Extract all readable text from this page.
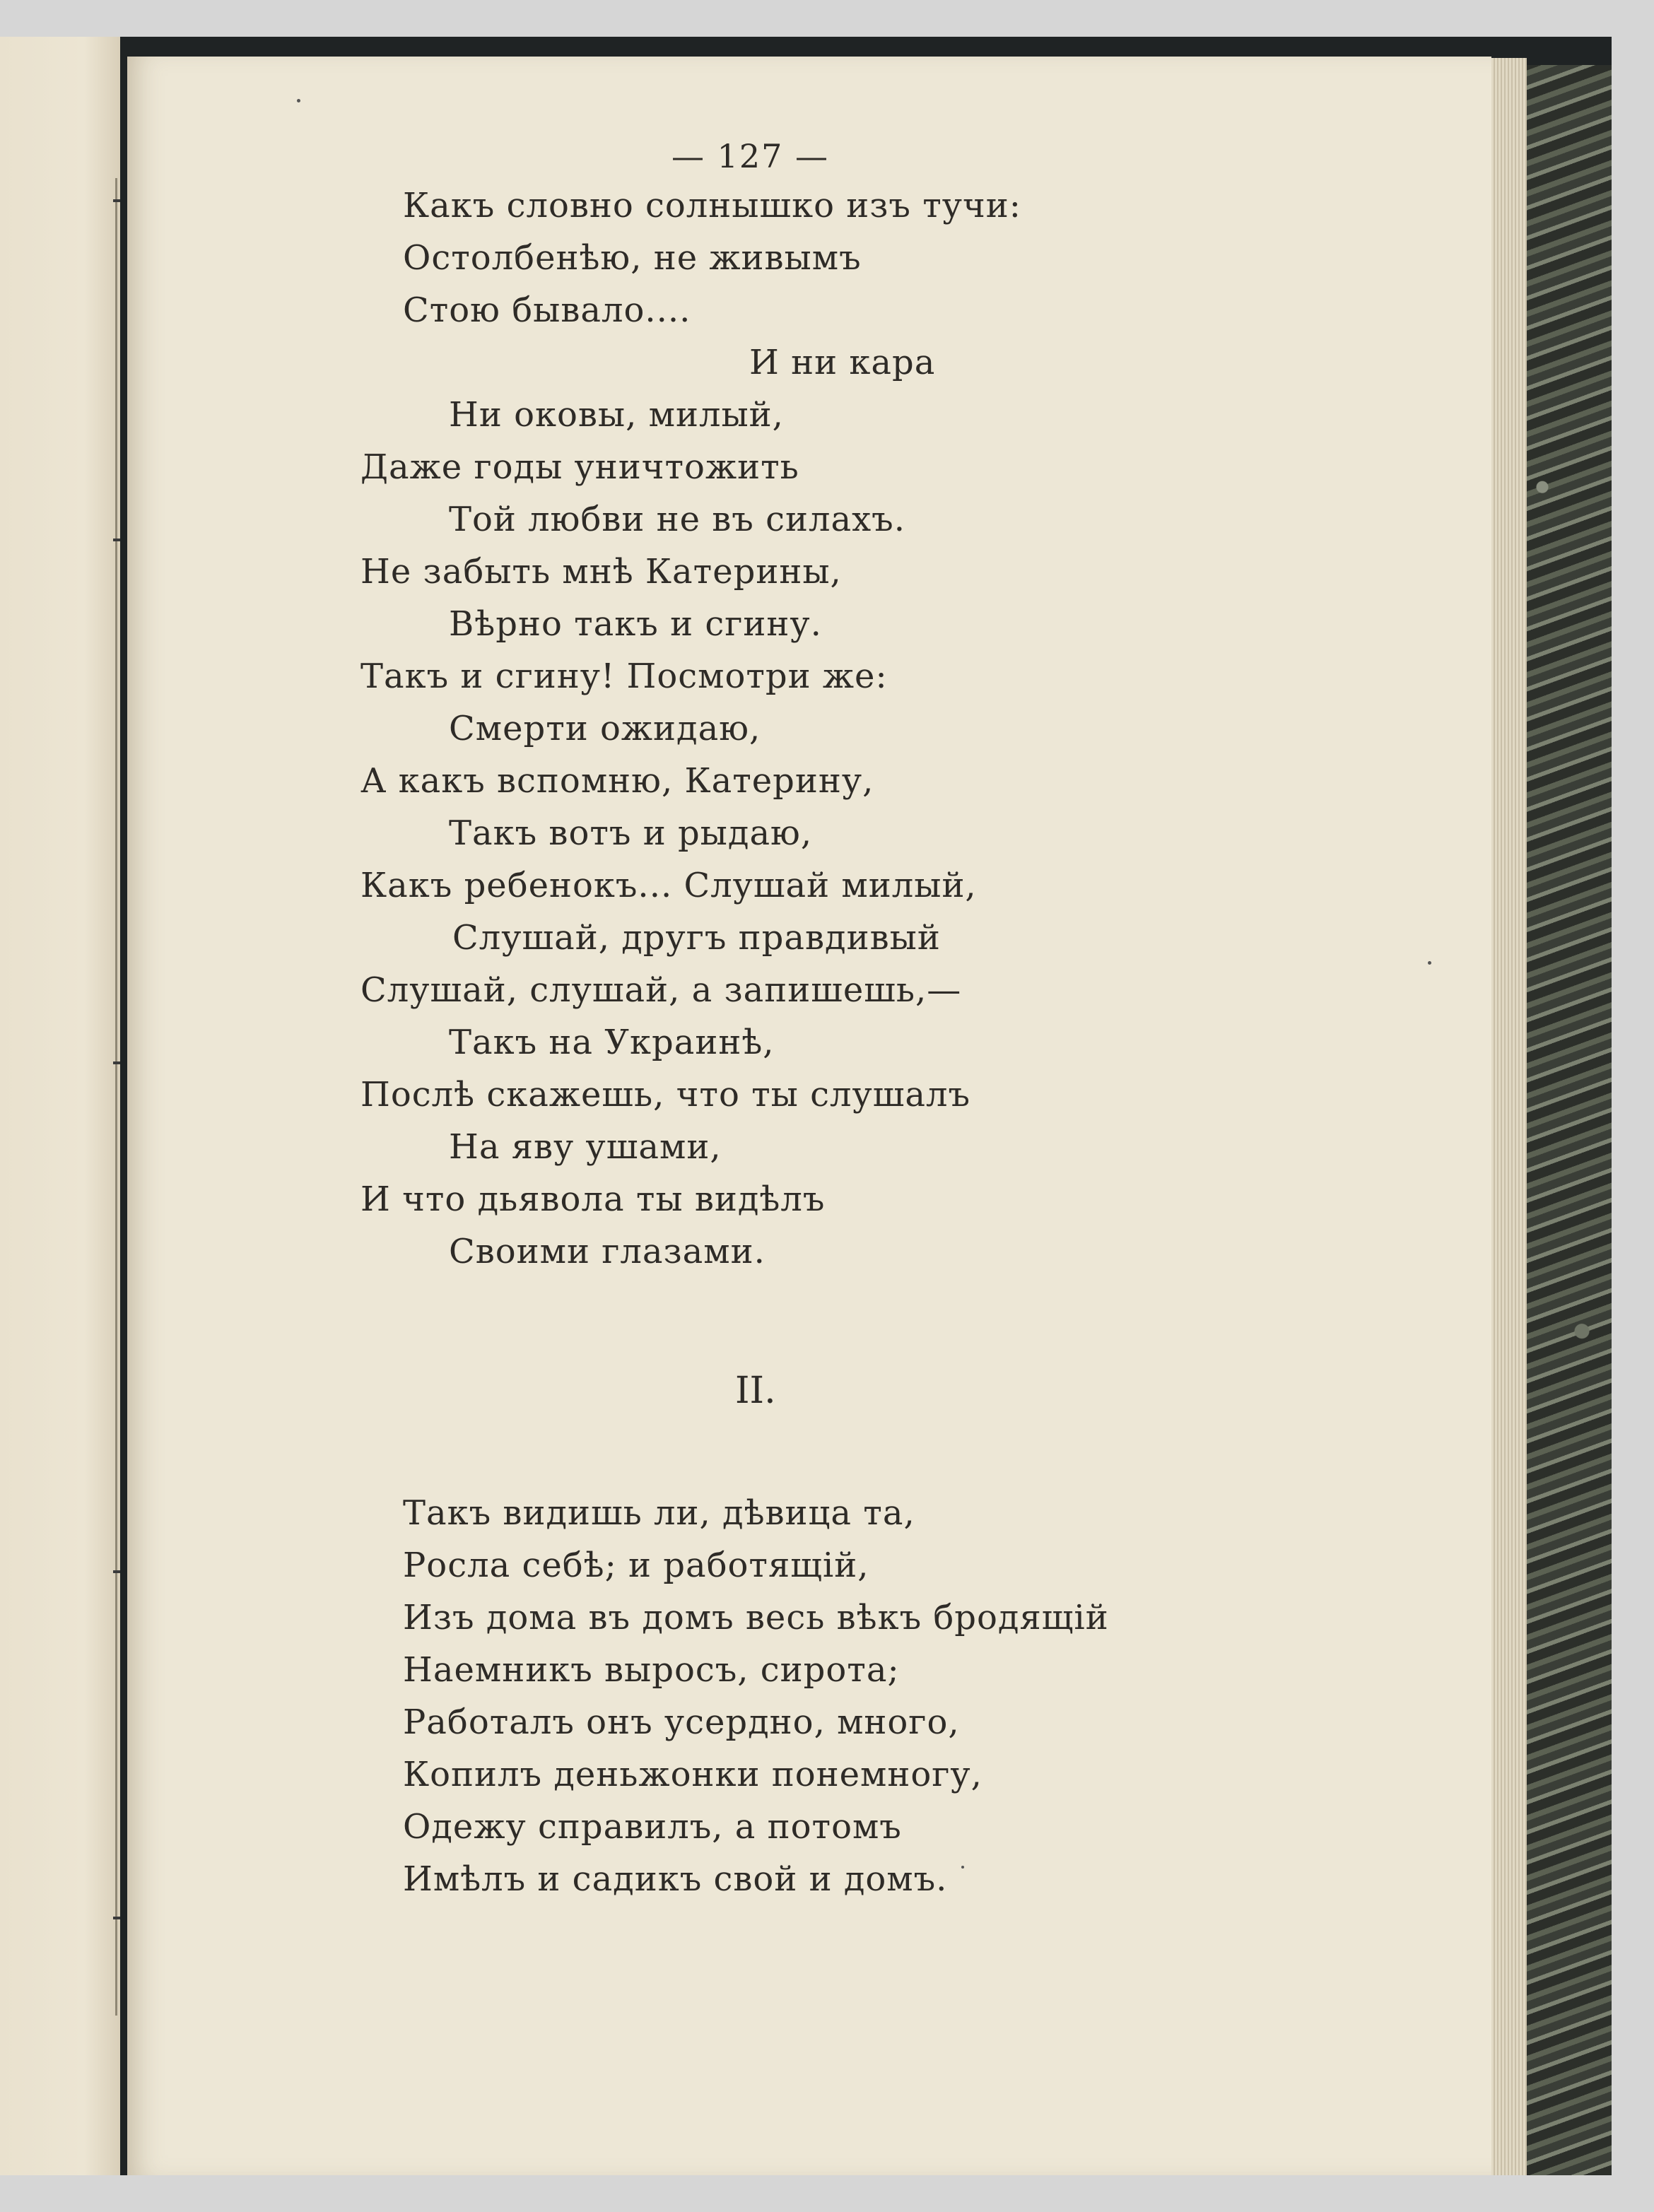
— 127 —
Какъ словно солнышко изъ тучи:
Остолбенѣю, не живымъ
Стою бывало....
И ни кара
Ни оковы, милый,
Даже годы уничтожить
Той любви не въ силахъ.
Не забыть мнѣ Катерины,
Вѣрно такъ и сгину.
Такъ и сгину! Посмотри же:
Смерти ожидаю,
А какъ вспомню, Катерину,
Такъ вотъ и рыдаю,
Какъ ребенокъ... Слушай милый,
Слушай, другъ правдивый
Слушай, слушай, а запишешь,—
Такъ на Украинѣ,
Послѣ скажешь, что ты слушалъ
На яву ушами,
И что дьявола ты видѣлъ
Своими глазами.
II.
Такъ видишь ли, дѣвица та,
Росла себѣ; и работящій,
Изъ дома въ домъ весь вѣкъ бродящій
Наемникъ выросъ, сирота;
Работалъ онъ усердно, много,
Копилъ деньжонки понемногу,
Одежу справилъ, а потомъ
Имѣлъ и садикъ свой и домъ.
